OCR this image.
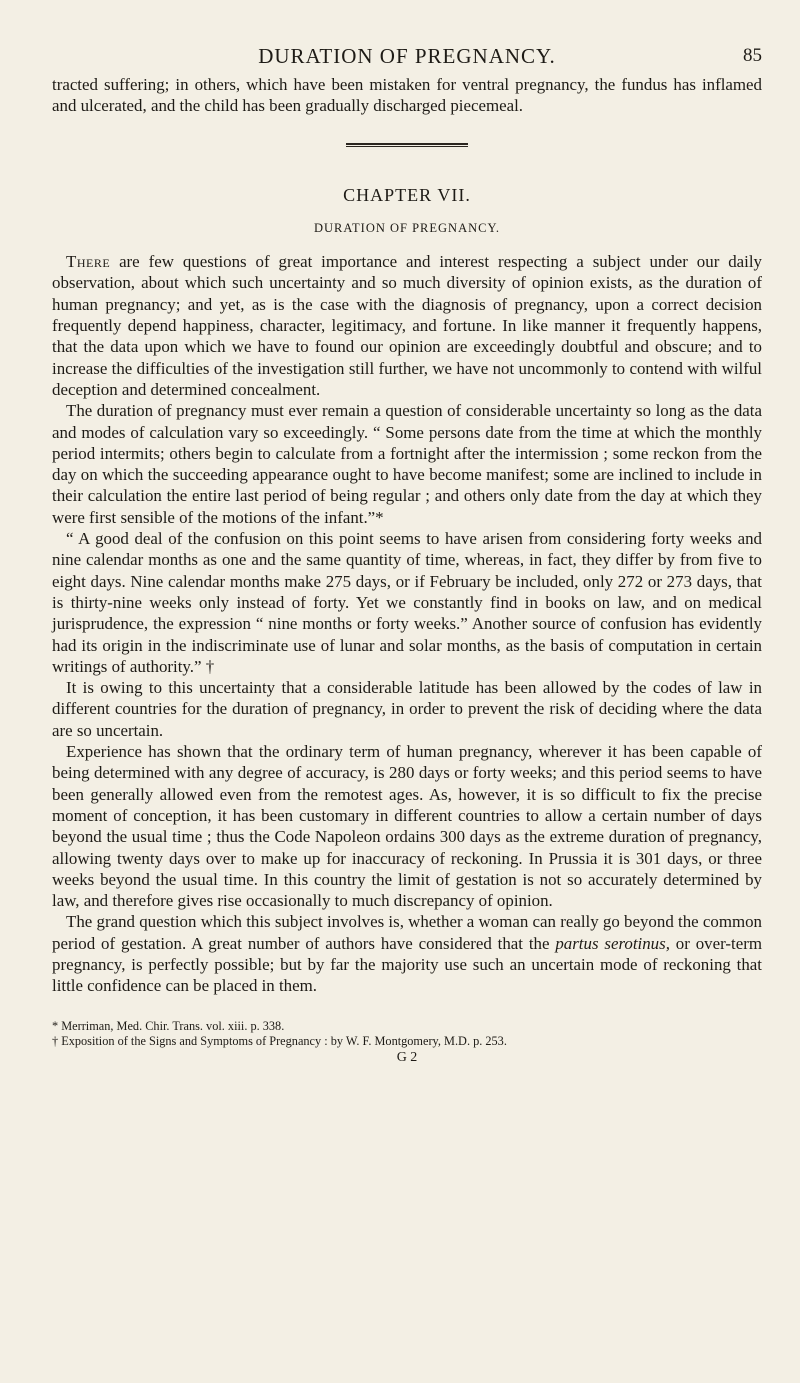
DURATION OF PREGNANCY.	85

tracted suffering; in others, which have been mistaken for ventral pregnancy, the fundus has inflamed and ulcerated, and the child has been gradually discharged piecemeal.

CHAPTER VII.
DURATION OF PREGNANCY.

There are few questions of great importance and interest respecting a subject under our daily observation, about which such uncertainty and so much diversity of opinion exists, as the duration of human pregnancy; and yet, as is the case with the diagnosis of pregnancy, upon a correct decision frequently depend happiness, character, legitimacy, and fortune. In like manner it frequently happens, that the data upon which we have to found our opinion are exceedingly doubtful and obscure; and to increase the difficulties of the investigation still further, we have not uncommonly to contend with wilful deception and determined concealment.

The duration of pregnancy must ever remain a question of considerable uncertainty so long as the data and modes of calculation vary so exceedingly. “ Some persons date from the time at which the monthly period intermits; others begin to calculate from a fortnight after the intermission ; some reckon from the day on which the succeeding appearance ought to have become manifest; some are inclined to include in their calculation the entire last period of being regular ; and others only date from the day at which they were first sensible of the motions of the infant.”*

“ A good deal of the confusion on this point seems to have arisen from considering forty weeks and nine calendar months as one and the same quantity of time, whereas, in fact, they differ by from five to eight days. Nine calendar months make 275 days, or if February be included, only 272 or 273 days, that is thirty-nine weeks only instead of forty. Yet we constantly find in books on law, and on medical jurisprudence, the expression “ nine months or forty weeks.” Another source of confusion has evidently had its origin in the indiscriminate use of lunar and solar months, as the basis of computation in certain writings of authority.” †

It is owing to this uncertainty that a considerable latitude has been allowed by the codes of law in different countries for the duration of pregnancy, in order to prevent the risk of deciding where the data are so uncertain.

Experience has shown that the ordinary term of human pregnancy, wherever it has been capable of being determined with any degree of accuracy, is 280 days or forty weeks; and this period seems to have been generally allowed even from the remotest ages. As, however, it is so difficult to fix the precise moment of conception, it has been customary in different countries to allow a certain number of days beyond the usual time ; thus the Code Napoleon ordains 300 days as the extreme duration of pregnancy, allowing twenty days over to make up for inaccuracy of reckoning. In Prussia it is 301 days, or three weeks beyond the usual time. In this country the limit of gestation is not so accurately determined by law, and therefore gives rise occasionally to much discrepancy of opinion.

The grand question which this subject involves is, whether a woman can really go beyond the common period of gestation. A great number of authors have considered that the partus serotinus, or over-term pregnancy, is perfectly possible; but by far the majority use such an uncertain mode of reckoning that little confidence can be placed in them.

* Merriman, Med. Chir. Trans. vol. xiii. p. 338.
† Exposition of the Signs and Symptoms of Pregnancy : by W. F. Montgomery, M.D. p. 253.
G 2
